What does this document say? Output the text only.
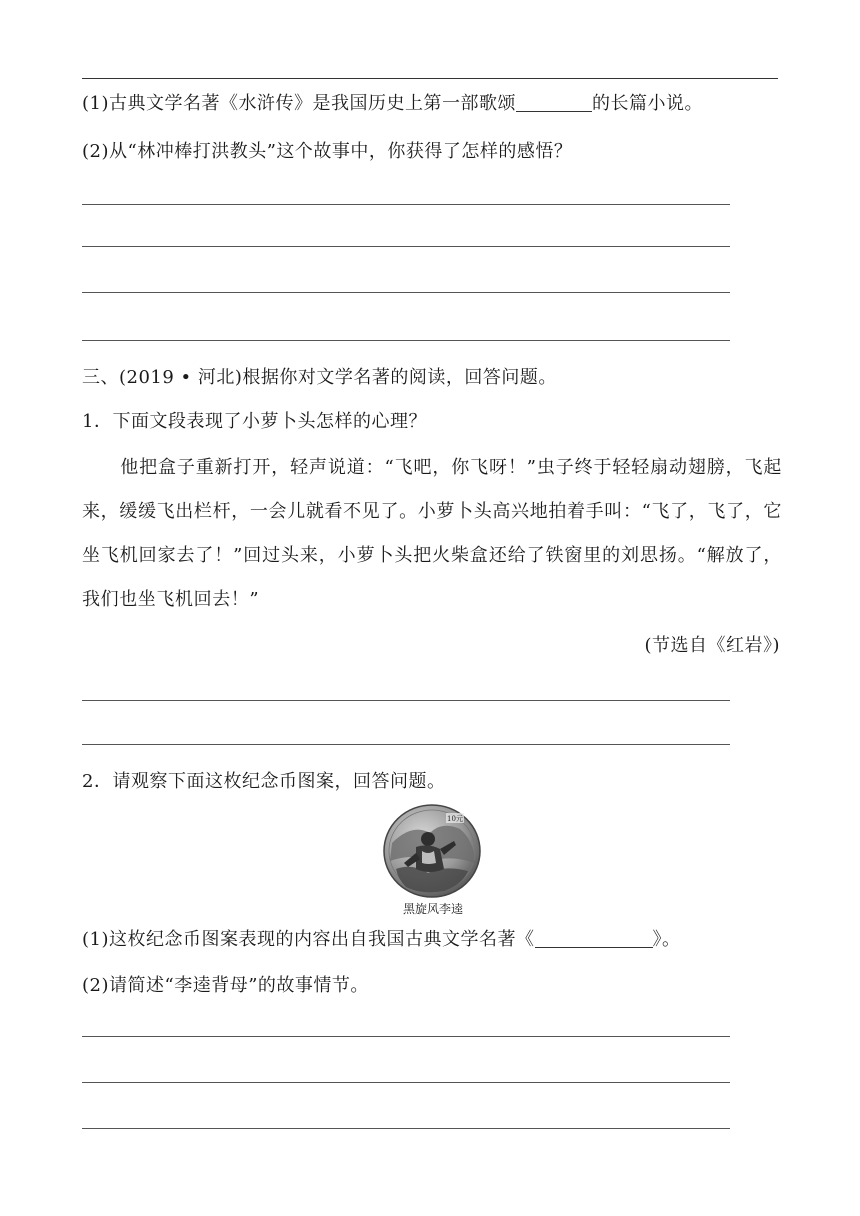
(1)古典文学名著《水浒传》是我国历史上第一部歌颂	的长篇小说。
(2)从“林冲棒打洪教头”这个故事中，你获得了怎样的感悟？
三、(2019 • 河北)根据你对文学名著的阅读，回答问题。
1．下面文段表现了小萝卜头怎样的心理？
他把盒子重新打开，轻声说道：“飞吧，你飞呀！”虫子终于轻轻扇动翅膀，飞起来，缓缓飞出栏杆，一会儿就看不见了。小萝卜头高兴地拍着手叫：“飞了，飞了，它坐飞机回家去了！”回过头来，小萝卜头把火柴盒还给了铁窗里的刘思扬。“解放了，我们也坐飞机回去！”
(节选自《红岩》)
2．请观察下面这枚纪念币图案，回答问题。
10元
黑旋风李逵
(1)这枚纪念币图案表现的内容出自我国古典文学名著《	》。
(2)请简述“李逵背母”的故事情节。
